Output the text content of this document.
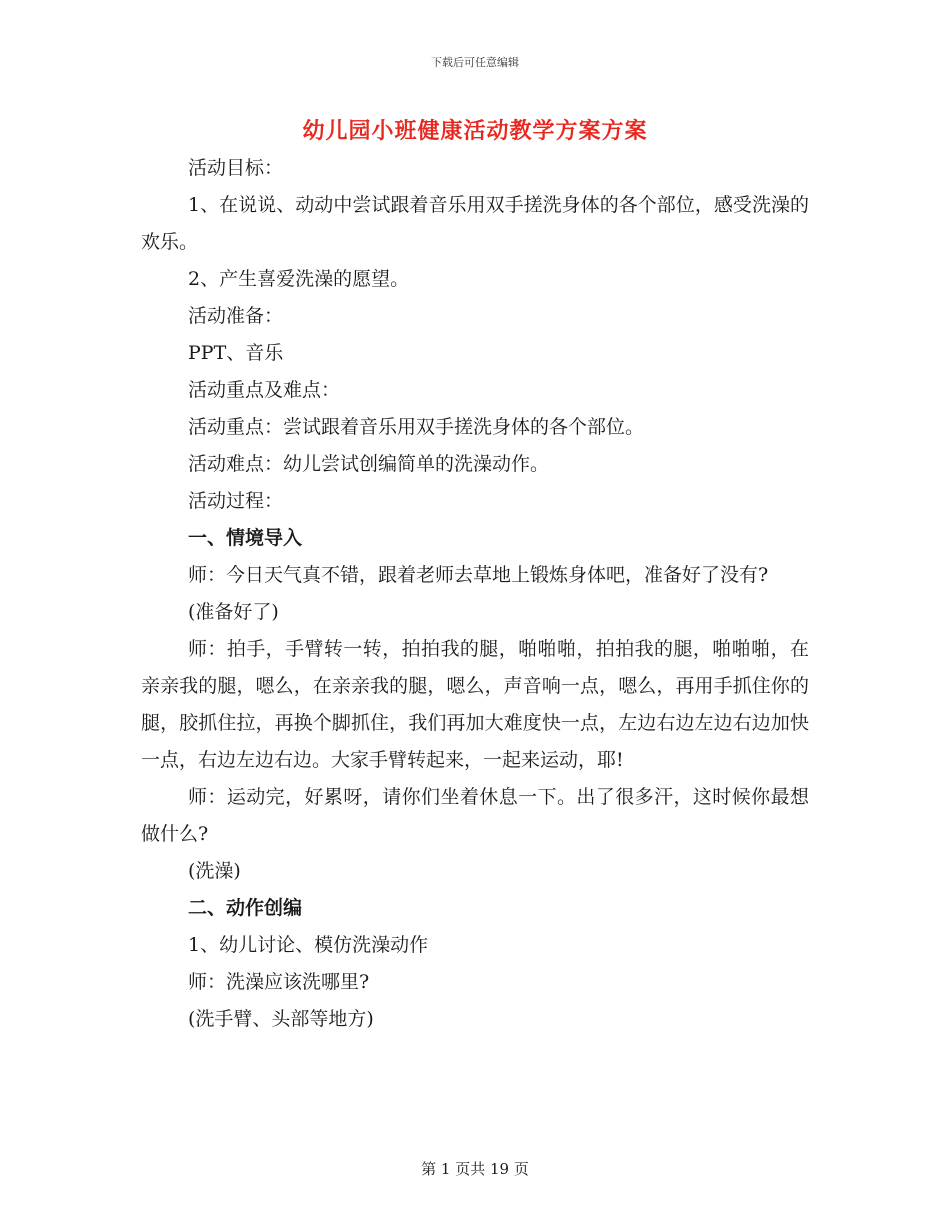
下载后可任意编辑
幼儿园小班健康活动教学方案方案

活动目标：

1、在说说、动动中尝试跟着音乐用双手搓洗身体的各个部位，感受洗澡的欢乐。

2、产生喜爱洗澡的愿望。

活动准备：

PPT、音乐

活动重点及难点：

活动重点：尝试跟着音乐用双手搓洗身体的各个部位。

活动难点：幼儿尝试创编简单的洗澡动作。

活动过程：

一、情境导入

师：今日天气真不错，跟着老师去草地上锻炼身体吧，准备好了没有?

(准备好了)

师：拍手，手臂转一转，拍拍我的腿，啪啪啪，拍拍我的腿，啪啪啪，在亲亲我的腿，嗯么，在亲亲我的腿，嗯么，声音响一点，嗯么，再用手抓住你的腿，胶抓住拉，再换个脚抓住，我们再加大难度快一点，左边右边左边右边加快一点，右边左边右边。大家手臂转起来，一起来运动，耶!

师：运动完，好累呀，请你们坐着休息一下。出了很多汗，这时候你最想做什么?

(洗澡)

二、动作创编

1、幼儿讨论、模仿洗澡动作

师：洗澡应该洗哪里?

(洗手臂、头部等地方)

第 1 页共 19 页
